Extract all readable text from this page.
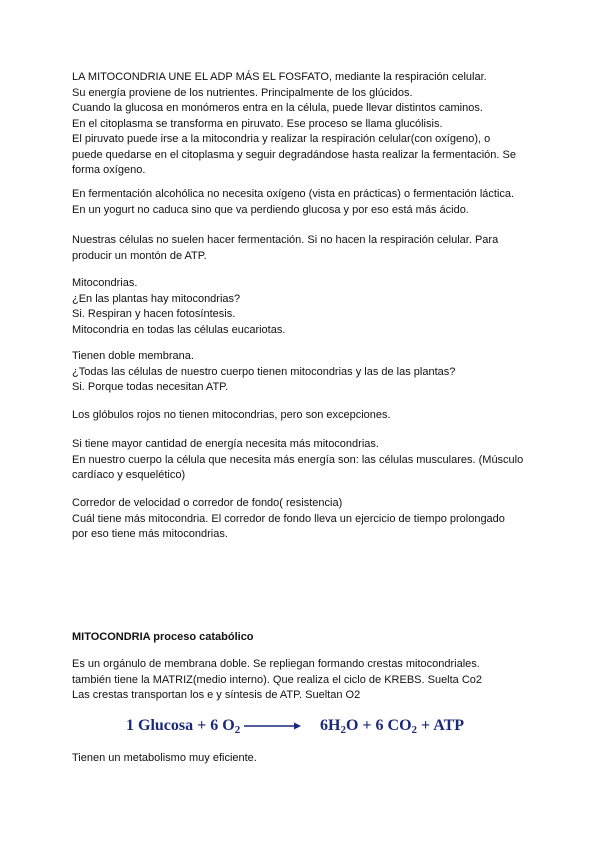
LA MITOCONDRIA UNE EL ADP MÁS EL FOSFATO, mediante la respiración celular.
Su energía proviene de los nutrientes. Principalmente de los glúcidos.
Cuando la glucosa en monómeros entra en la célula, puede llevar distintos caminos.
En el citoplasma se transforma en piruvato. Ese proceso se llama glucólisis.
El piruvato puede irse a la mitocondria y realizar la respiración celular(con oxígeno), o
puede quedarse en el citoplasma y seguir degradándose hasta realizar la fermentación. Se
forma oxígeno.
En fermentación alcohólica no necesita oxígeno (vista en prácticas) o fermentación láctica.
En un yogurt no caduca sino que va perdiendo glucosa y por eso está más ácido.
Nuestras células no suelen hacer fermentación. Si no hacen la respiración celular. Para
producir un montón de ATP.
Mitocondrias.
¿En las plantas hay mitocondrias?
Si. Respiran y hacen fotosíntesis.
Mitocondria en todas las células eucariotas.
Tienen doble membrana.
¿Todas las células de nuestro cuerpo tienen mitocondrias y las de las plantas?
Si. Porque todas necesitan ATP.
Los glóbulos rojos no tienen mitocondrias, pero son excepciones.
Si tiene mayor cantidad de energía necesita más mitocondrias.
En nuestro cuerpo la célula que necesita más energía son: las células musculares. (Músculo
cardíaco y esquelético)
Corredor de velocidad o corredor de fondo( resistencia)
Cuál tiene más mitocondria. El corredor de fondo lleva un ejercicio de tiempo prolongado
por eso tiene más mitocondrias.
MITOCONDRIA proceso catabólico
Es un orgánulo de membrana doble. Se repliegan formando crestas mitocondriales.
también tiene la MATRIZ(medio interno). Que realiza el ciclo de KREBS. Suelta Co2
Las crestas transportan los e y síntesis de ATP. Sueltan O2
1 Glucosa + 6 $O_2 \to 6H_2O + 6$ $CO_2$ + ATP
Tienen un metabolismo muy eficiente.
